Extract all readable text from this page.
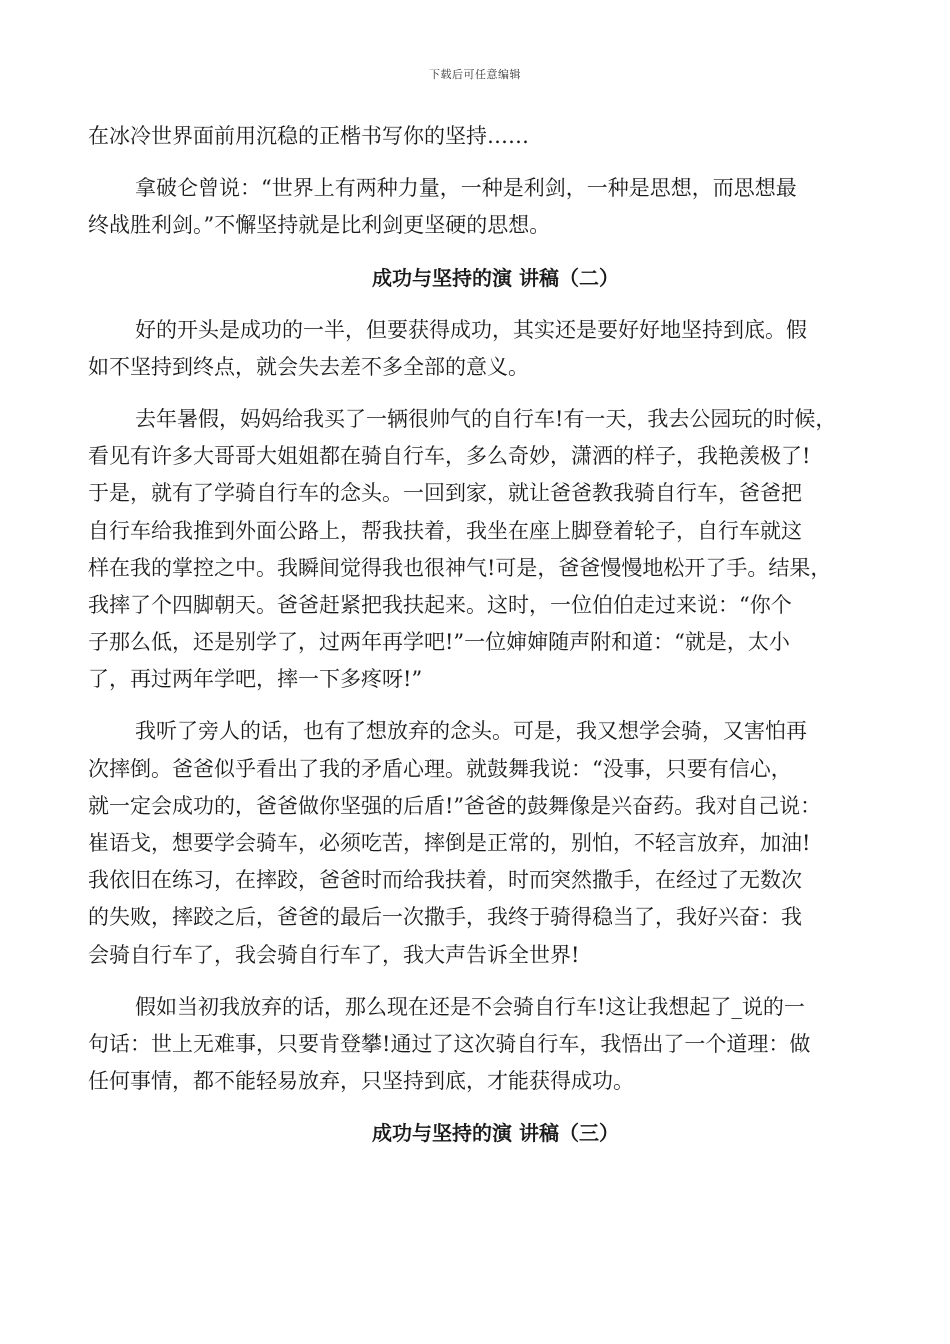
下载后可任意编辑
在冰冷世界面前用沉稳的正楷书写你的坚持……
拿破仑曾说：“世界上有两种力量，一种是利剑，一种是思想，而思想最
终战胜利剑。”不懈坚持就是比利剑更坚硬的思想。
成功与坚持的演 讲稿（二）
好的开头是成功的一半，但要获得成功，其实还是要好好地坚持到底。假
如不坚持到终点，就会失去差不多全部的意义。
去年暑假，妈妈给我买了一辆很帅气的自行车!有一天，我去公园玩的时候，
看见有许多大哥哥大姐姐都在骑自行车，多么奇妙，潇洒的样子，我艳羡极了!
于是，就有了学骑自行车的念头。一回到家，就让爸爸教我骑自行车，爸爸把
自行车给我推到外面公路上，帮我扶着，我坐在座上脚登着轮子，自行车就这
样在我的掌控之中。我瞬间觉得我也很神气!可是，爸爸慢慢地松开了手。结果，
我摔了个四脚朝天。爸爸赶紧把我扶起来。这时，一位伯伯走过来说：“你个
子那么低，还是别学了，过两年再学吧!”一位婶婶随声附和道：“就是，太小
了，再过两年学吧，摔一下多疼呀!”
我听了旁人的话，也有了想放弃的念头。可是，我又想学会骑，又害怕再
次摔倒。爸爸似乎看出了我的矛盾心理。就鼓舞我说：“没事，只要有信心，
就一定会成功的，爸爸做你坚强的后盾!”爸爸的鼓舞像是兴奋药。我对自己说：
崔语戈，想要学会骑车，必须吃苦，摔倒是正常的，别怕，不轻言放弃，加油!
我依旧在练习，在摔跤，爸爸时而给我扶着，时而突然撒手，在经过了无数次
的失败，摔跤之后，爸爸的最后一次撒手，我终于骑得稳当了，我好兴奋：我
会骑自行车了，我会骑自行车了，我大声告诉全世界!
假如当初我放弃的话，那么现在还是不会骑自行车!这让我想起了_说的一
句话：世上无难事，只要肯登攀!通过了这次骑自行车，我悟出了一个道理：做
任何事情，都不能轻易放弃，只坚持到底，才能获得成功。
成功与坚持的演 讲稿（三）
